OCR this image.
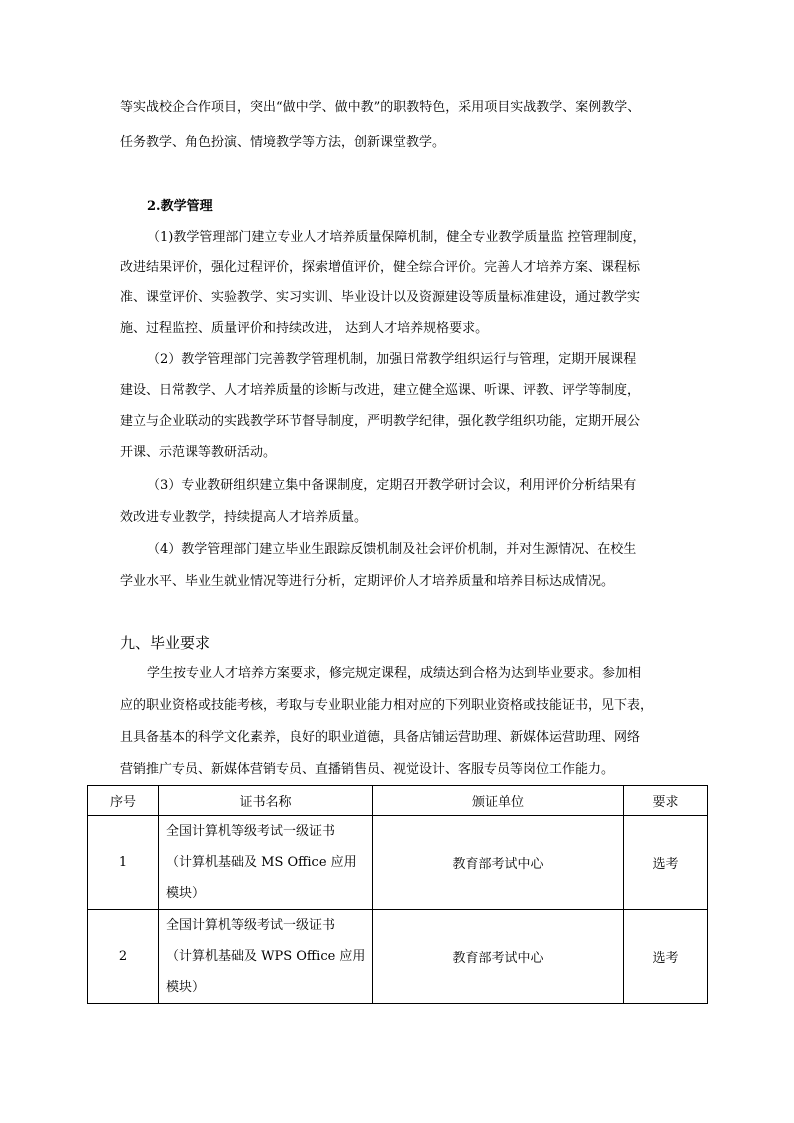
等实战校企合作项目，突出“做中学、做中教”的职教特色，采用项目实战教学、案例教学、
任务教学、角色扮演、情境教学等方法，创新课堂教学。
2.教学管理
（1)教学管理部门建立专业人才培养质量保障机制，健全专业教学质量监 控管理制度，
改进结果评价，强化过程评价，探索增值评价，健全综合评价。完善人才培养方案、课程标
准、课堂评价、实验教学、实习实训、毕业设计以及资源建设等质量标准建设，通过教学实
施、过程监控、质量评价和持续改进， 达到人才培养规格要求。
（2）教学管理部门完善教学管理机制，加强日常教学组织运行与管理，定期开展课程
建设、日常教学、人才培养质量的诊断与改进，建立健全巡课、听课、评教、评学等制度，
建立与企业联动的实践教学环节督导制度，严明教学纪律，强化教学组织功能，定期开展公
开课、示范课等教研活动。
（3）专业教研组织建立集中备课制度，定期召开教学研讨会议，利用评价分析结果有
效改进专业教学，持续提高人才培养质量。
（4）教学管理部门建立毕业生跟踪反馈机制及社会评价机制，并对生源情况、在校生
学业水平、毕业生就业情况等进行分析，定期评价人才培养质量和培养目标达成情况。
九、毕业要求
学生按专业人才培养方案要求，修完规定课程，成绩达到合格为达到毕业要求。参加相
应的职业资格或技能考核，考取与专业职业能力相对应的下列职业资格或技能证书，见下表，
且具备基本的科学文化素养，良好的职业道德，具备店铺运营助理、新媒体运营助理、网络
营销推广专员、新媒体营销专员、直播销售员、视觉设计、客服专员等岗位工作能力。
序号	证书名称	颁证单位	要求
1	全国计算机等级考试一级证书
（计算机基础及 MS Office 应用
模块）	教育部考试中心	选考
2	全国计算机等级考试一级证书
（计算机基础及 WPS Office 应用
模块）	教育部考试中心	选考
